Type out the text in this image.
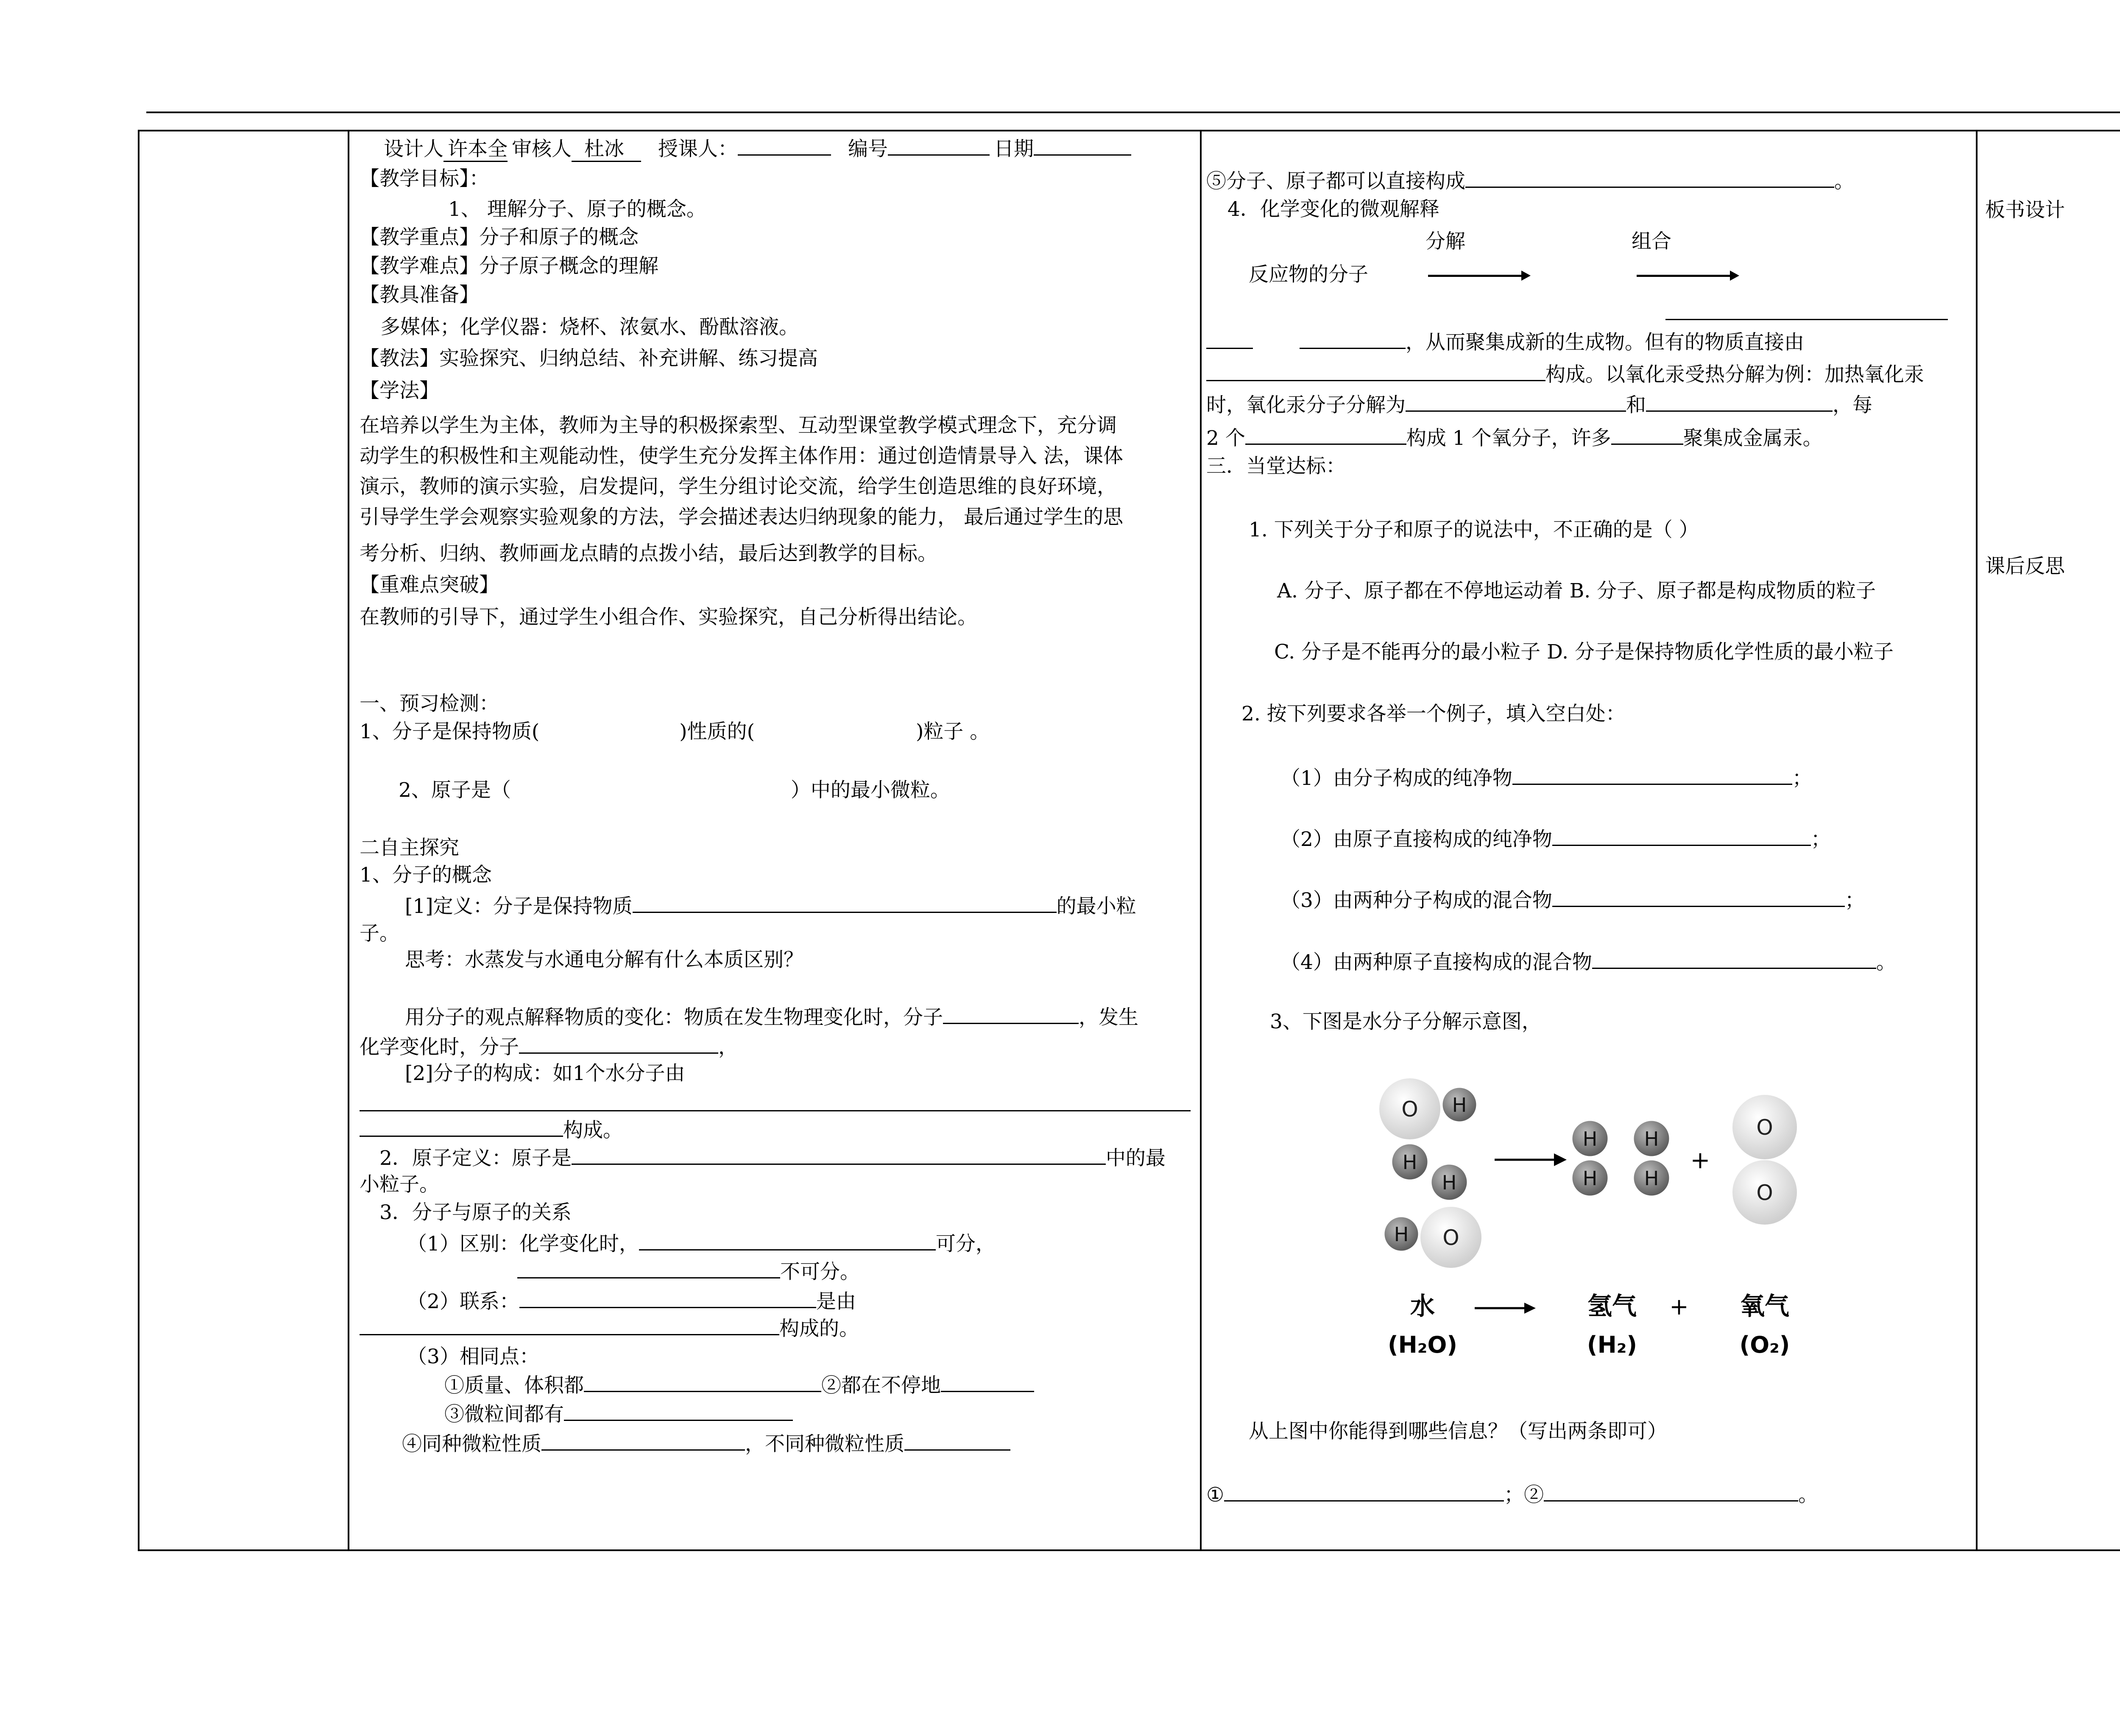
设计人 许本全 审核人 杜冰 授课人：	编号	日期
【教学目标】：
1、 理解分子、原子的概念。
【教学重点】分子和原子的概念
【教学难点】分子原子概念的理解
【教具准备】
多媒体；化学仪器：烧杯、浓氨水、酚酞溶液。
【教法】实验探究、归纳总结、补充讲解、练习提高
【学法】
在培养以学生为主体，教师为主导的积极探索型、互动型课堂教学模式理念下，充分调
动学生的积极性和主观能动性，使学生充分发挥主体作用：通过创造情景导入 法，课体
演示，教师的演示实验，启发提问，学生分组讨论交流，给学生创造思维的良好环境，
引导学生学会观察实验观象的方法，学会描述表达归纳现象的能力， 最后通过学生的思
考分析、归纳、教师画龙点睛的点拨小结，最后达到教学的目标。
【重难点突破】
在教师的引导下，通过学生小组合作、实验探究，自己分析得出结论。
一、预习检测：
1、分子是保持物质(	)性质的(	)粒子 。
2、原子是（	）中的最小微粒。
二自主探究
1、分子的概念
[1]定义：分子是保持物质	的最小粒
子。
思考：水蒸发与水通电分解有什么本质区别？
用分子的观点解释物质的变化：物质在发生物理变化时，分子	，发生
化学变化时，分子	，
[2]分子的构成：如1个水分子由
构成。
2．原子定义：原子是	中的最
小粒子。
3．分子与原子的关系
（1）区别：化学变化时，	可分，
不可分。
（2）联系：	是由
构成的。
（3）相同点：
①质量、体积都	②都在不停地
③微粒间都有
④同种微粒性质	，不同种微粒性质
⑤分子、原子都可以直接构成	。
4．化学变化的微观解释
分解	组合
反应物的分子
，从而聚集成新的生成物。但有的物质直接由
构成。以氧化汞受热分解为例：加热氧化汞
时，氧化汞分子分解为	和	，每
2 个	构成 1 个氧分子，许多	聚集成金属汞。
三．当堂达标：
1. 下列关于分子和原子的说法中，不正确的是（ ）
A. 分子、原子都在不停地运动着 B. 分子、原子都是构成物质的粒子
C. 分子是不能再分的最小粒子 D. 分子是保持物质化学性质的最小粒子
2. 按下列要求各举一个例子，填入空白处：
（1）由分子构成的纯净物	；
（2）由原子直接构成的纯净物	；
（3）由两种分子构成的混合物	；
（4）由两种原子直接构成的混合物	。
3、下图是水分子分解示意图，
O H
H
H
O
H
H
H
H
H
+
O
O
水	氢气 + 氧气
(H₂O)	(H₂)	(O₂)
从上图中你能得到哪些信息？（写出两条即可）
①	；②	。
板书设计
课后反思
